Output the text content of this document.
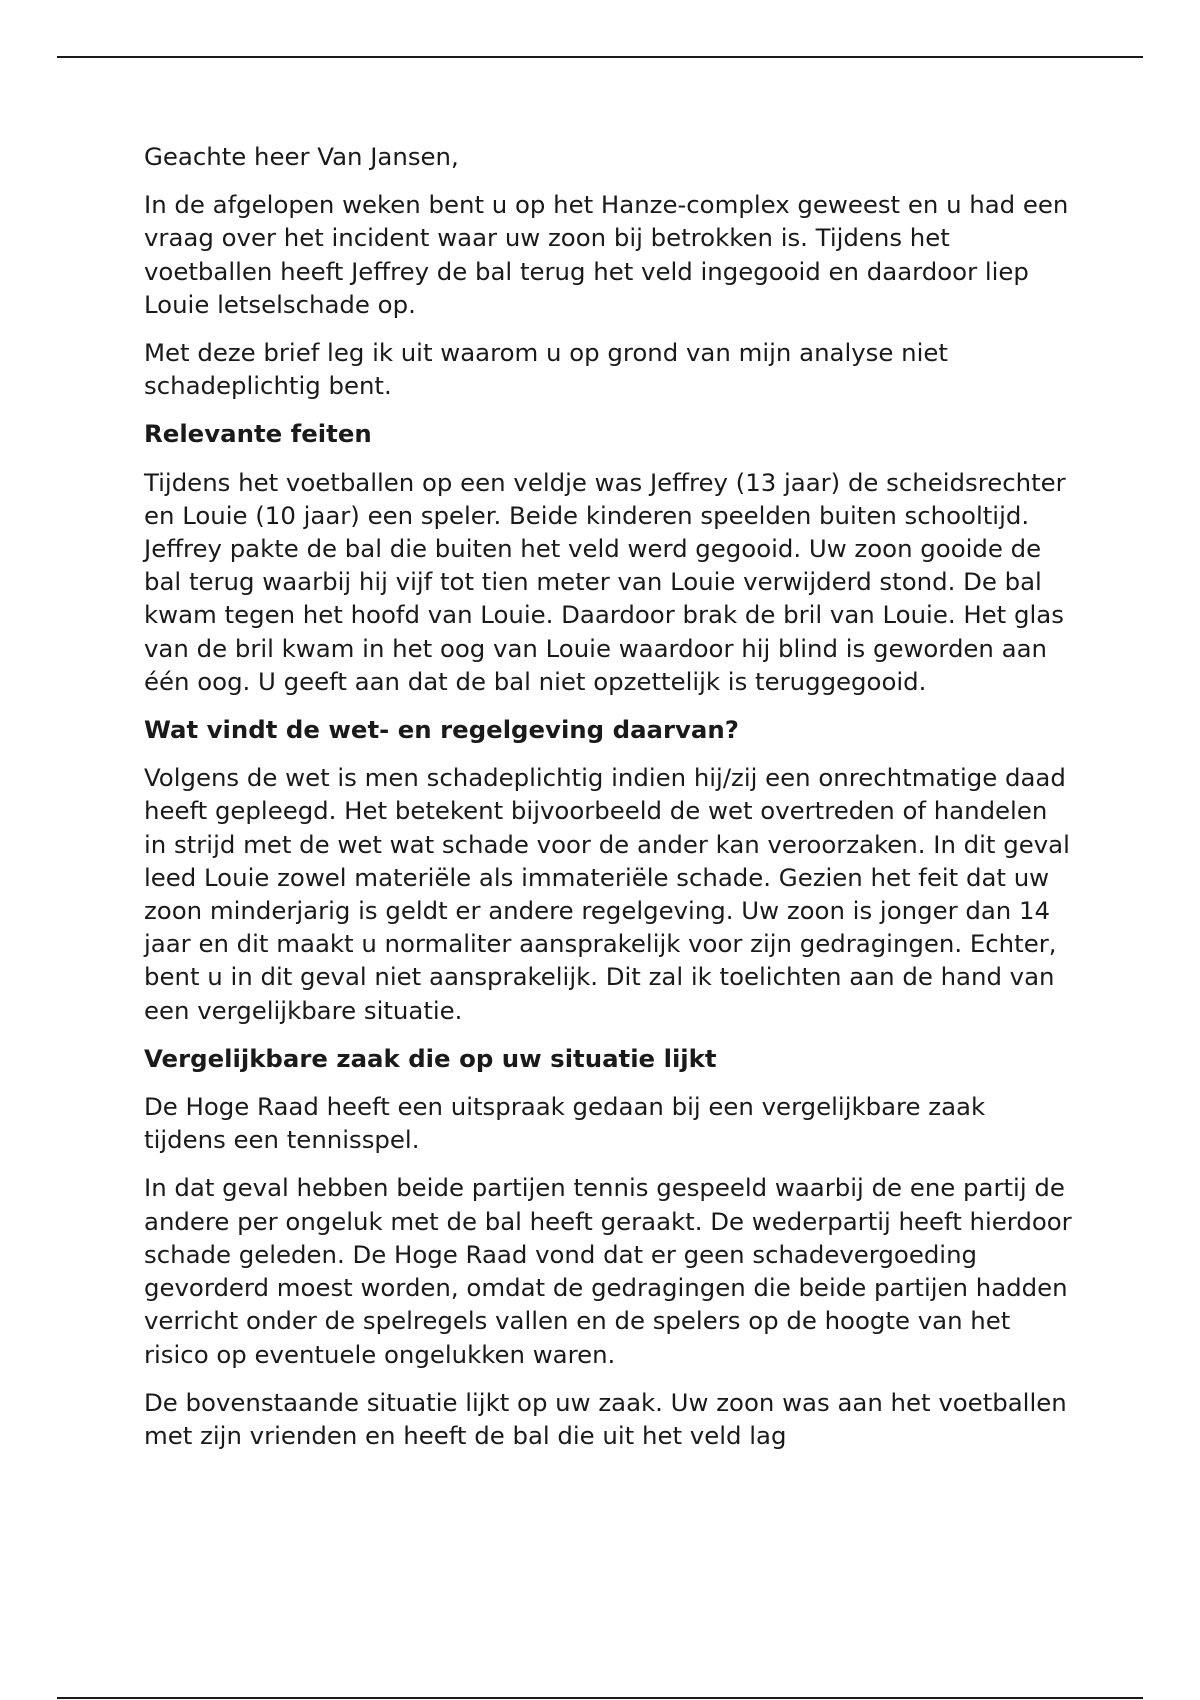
Geachte heer Van Jansen,

In de afgelopen weken bent u op het Hanze-complex geweest en u had een vraag over het incident waar uw zoon bij betrokken is. Tijdens het voetballen heeft Jeffrey de bal terug het veld ingegooid en daardoor liep Louie letselschade op.

Met deze brief leg ik uit waarom u op grond van mijn analyse niet schadeplichtig bent.

Relevante feiten

Tijdens het voetballen op een veldje was Jeffrey (13 jaar) de scheidsrechter en Louie (10 jaar) een speler. Beide kinderen speelden buiten schooltijd. Jeffrey pakte de bal die buiten het veld werd gegooid. Uw zoon gooide de bal terug waarbij hij vijf tot tien meter van Louie verwijderd stond. De bal kwam tegen het hoofd van Louie. Daardoor brak de bril van Louie. Het glas van de bril kwam in het oog van Louie waardoor hij blind is geworden aan één oog. U geeft aan dat de bal niet opzettelijk is teruggegooid.

Wat vindt de wet- en regelgeving daarvan?

Volgens de wet is men schadeplichtig indien hij/zij een onrechtmatige daad heeft gepleegd. Het betekent bijvoorbeeld de wet overtreden of handelen in strijd met de wet wat schade voor de ander kan veroorzaken. In dit geval leed Louie zowel materiële als immateriële schade. Gezien het feit dat uw zoon minderjarig is geldt er andere regelgeving. Uw zoon is jonger dan 14 jaar en dit maakt u normaliter aansprakelijk voor zijn gedragingen. Echter, bent u in dit geval niet aansprakelijk. Dit zal ik toelichten aan de hand van een vergelijkbare situatie.

Vergelijkbare zaak die op uw situatie lijkt

De Hoge Raad heeft een uitspraak gedaan bij een vergelijkbare zaak tijdens een tennisspel.

In dat geval hebben beide partijen tennis gespeeld waarbij de ene partij de andere per ongeluk met de bal heeft geraakt. De wederpartij heeft hierdoor schade geleden. De Hoge Raad vond dat er geen schadevergoeding gevorderd moest worden, omdat de gedragingen die beide partijen hadden verricht onder de spelregels vallen en de spelers op de hoogte van het risico op eventuele ongelukken waren.

De bovenstaande situatie lijkt op uw zaak. Uw zoon was aan het voetballen met zijn vrienden en heeft de bal die uit het veld lag
